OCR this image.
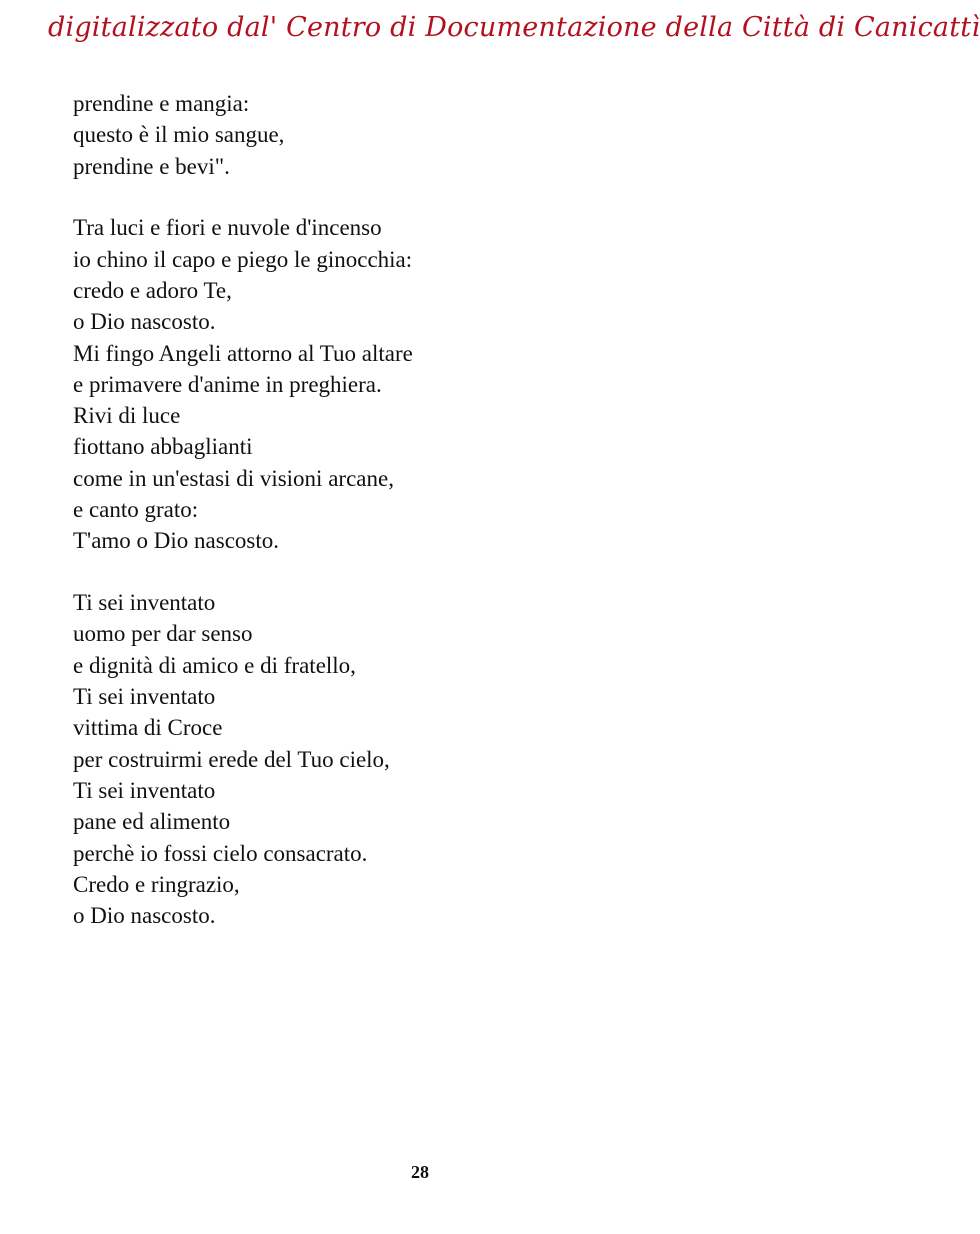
digitalizzato dal' Centro di Documentazione della Città di Canicattì
prendine e mangia:
questo è il mio sangue,
prendine e bevi".
Tra luci e fiori e nuvole d'incenso
io chino il capo e piego le ginocchia:
credo e adoro Te,
o Dio nascosto.
Mi fingo Angeli attorno al Tuo altare
e primavere d'anime in preghiera.
Rivi di luce
fiottano abbaglianti
come in un'estasi di visioni arcane,
e canto grato:
T'amo o Dio nascosto.
Ti sei inventato
uomo per dar senso
e dignità di amico e di fratello,
Ti sei inventato
vittima di Croce
per costruirmi erede del Tuo cielo,
Ti sei inventato
pane ed alimento
perchè io fossi cielo consacrato.
Credo e ringrazio,
o Dio nascosto.
28
